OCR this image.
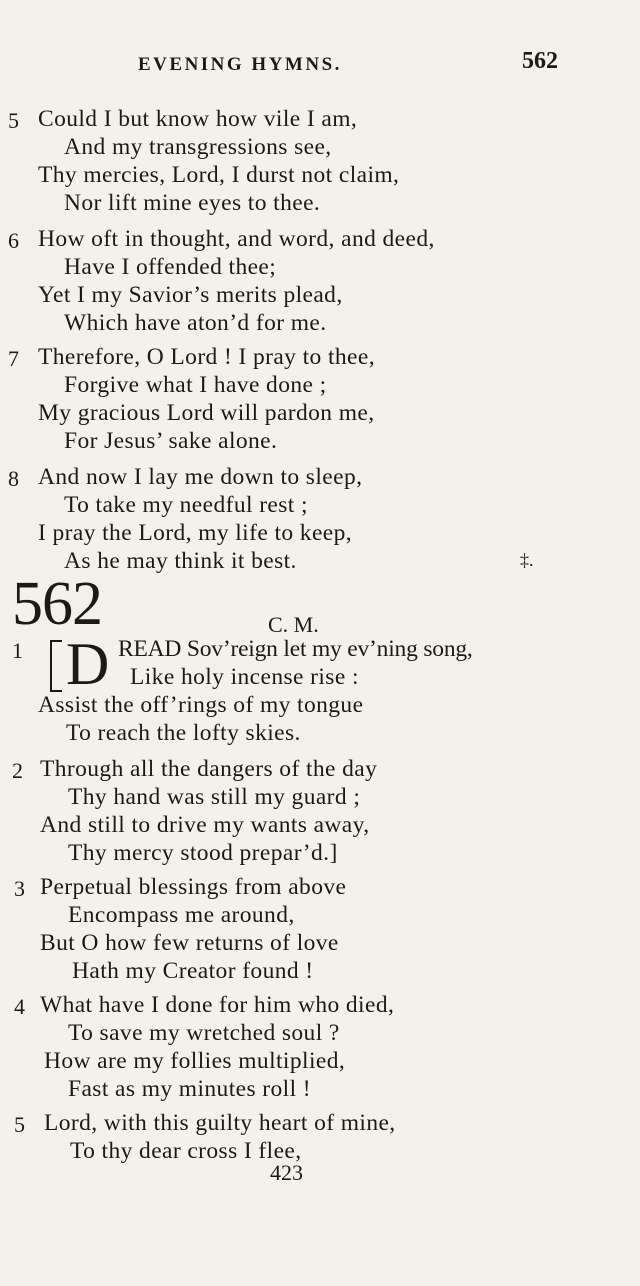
EVENING HYMNS.	562
5 Could I but know how vile I am,
And my transgressions see,
Thy mercies, Lord, I durst not claim,
Nor lift mine eyes to thee.
6 How oft in thought, and word, and deed,
Have I offended thee;
Yet I my Savior’s merits plead,
Which have aton’d for me.
7 Therefore, O Lord ! I pray to thee,
Forgive what I have done ;
My gracious Lord will pardon me,
For Jesus’ sake alone.
8 And now I lay me down to sleep,
To take my needful rest ;
I pray the Lord, my life to keep,
As he may think it best.	‡.
562	C. M.
1 D READ Sov’reign let my ev’ning song,
Like holy incense rise :
Assist the off’rings of my tongue
To reach the lofty skies.
2 Through all the dangers of the day
Thy hand was still my guard ;
And still to drive my wants away,
Thy mercy stood prepar’d.]
3 Perpetual blessings from above
Encompass me around,
But O how few returns of love
Hath my Creator found !
4 What have I done for him who died,
To save my wretched soul ?
How are my follies multiplied,
Fast as my minutes roll !
5 Lord, with this guilty heart of mine,
To thy dear cross I flee,
423
